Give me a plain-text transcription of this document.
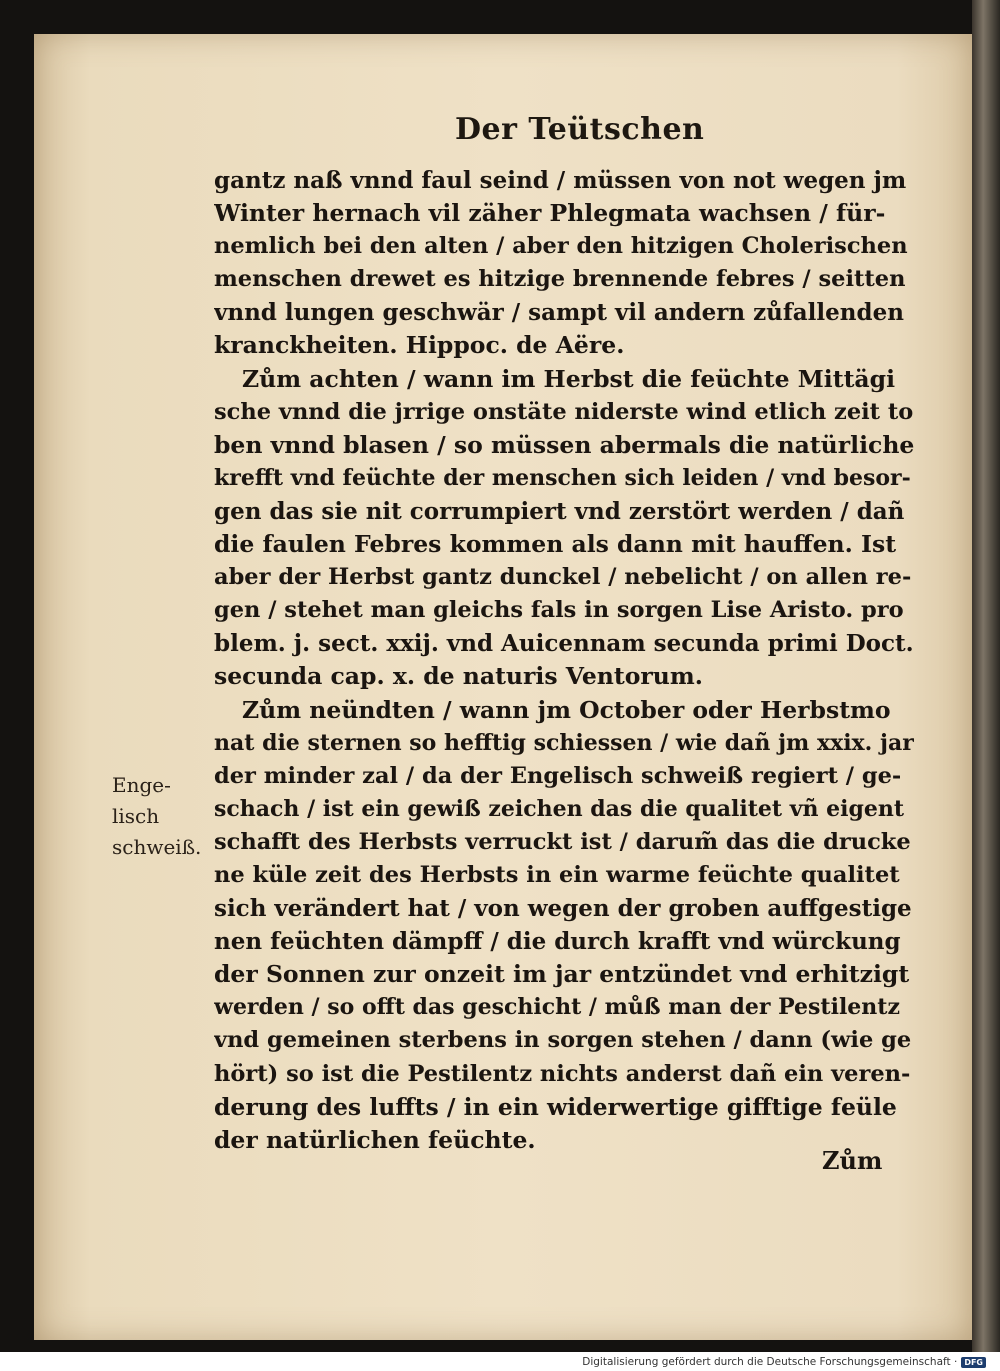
Der Teütschen
Enge-
lisch
schweiß.
gantz naß vnnd faul seind / müssen von not wegen jm
Winter hernach vil zäher Phlegmata wachsen / für-
nemlich bei den alten / aber den hitzigen Cholerischen
menschen drewet es hitzige brennende febres / seitten
vnnd lungen geschwär / sampt vil andern zůfallenden
kranckheiten. Hippoc. de Aëre.
Zům achten / wann im Herbst die feüchte Mittägi
sche vnnd die jrrige onstäte niderste wind etlich zeit to
ben vnnd blasen / so müssen abermals die natürliche
krefft vnd feüchte der menschen sich leiden / vnd besor-
gen das sie nit corrumpiert vnd zerstört werden / dañ
die faulen Febres kommen als dann mit hauffen. Ist
aber der Herbst gantz dunckel / nebelicht / on allen re-
gen / stehet man gleichs fals in sorgen Lise Aristo. pro
blem. j. sect. xxij. vnd Auicennam secunda primi Doct.
secunda cap. x. de naturis Ventorum.
Zům neündten / wann jm October oder Herbstmo
nat die sternen so hefftig schiessen / wie dañ jm xxix. jar
der minder zal / da der Engelisch schweiß regiert / ge-
schach / ist ein gewiß zeichen das die qualitet vñ eigent
schafft des Herbsts verruckt ist / darum̃ das die drucke
ne küle zeit des Herbsts in ein warme feüchte qualitet
sich verändert hat / von wegen der groben auffgestige
nen feüchten dämpff / die durch krafft vnd würckung
der Sonnen zur onzeit im jar entzündet vnd erhitzigt
werden / so offt das geschicht / můß man der Pestilentz
vnd gemeinen sterbens in sorgen stehen / dann (wie ge
hört) so ist die Pestilentz nichts anderst dañ ein veren-
derung des luffts / in ein widerwertige gifftige feüle
der natürlichen feüchte.
Zům
Digitalisierung gefördert durch die Deutsche Forschungsgemeinschaft · DFG
